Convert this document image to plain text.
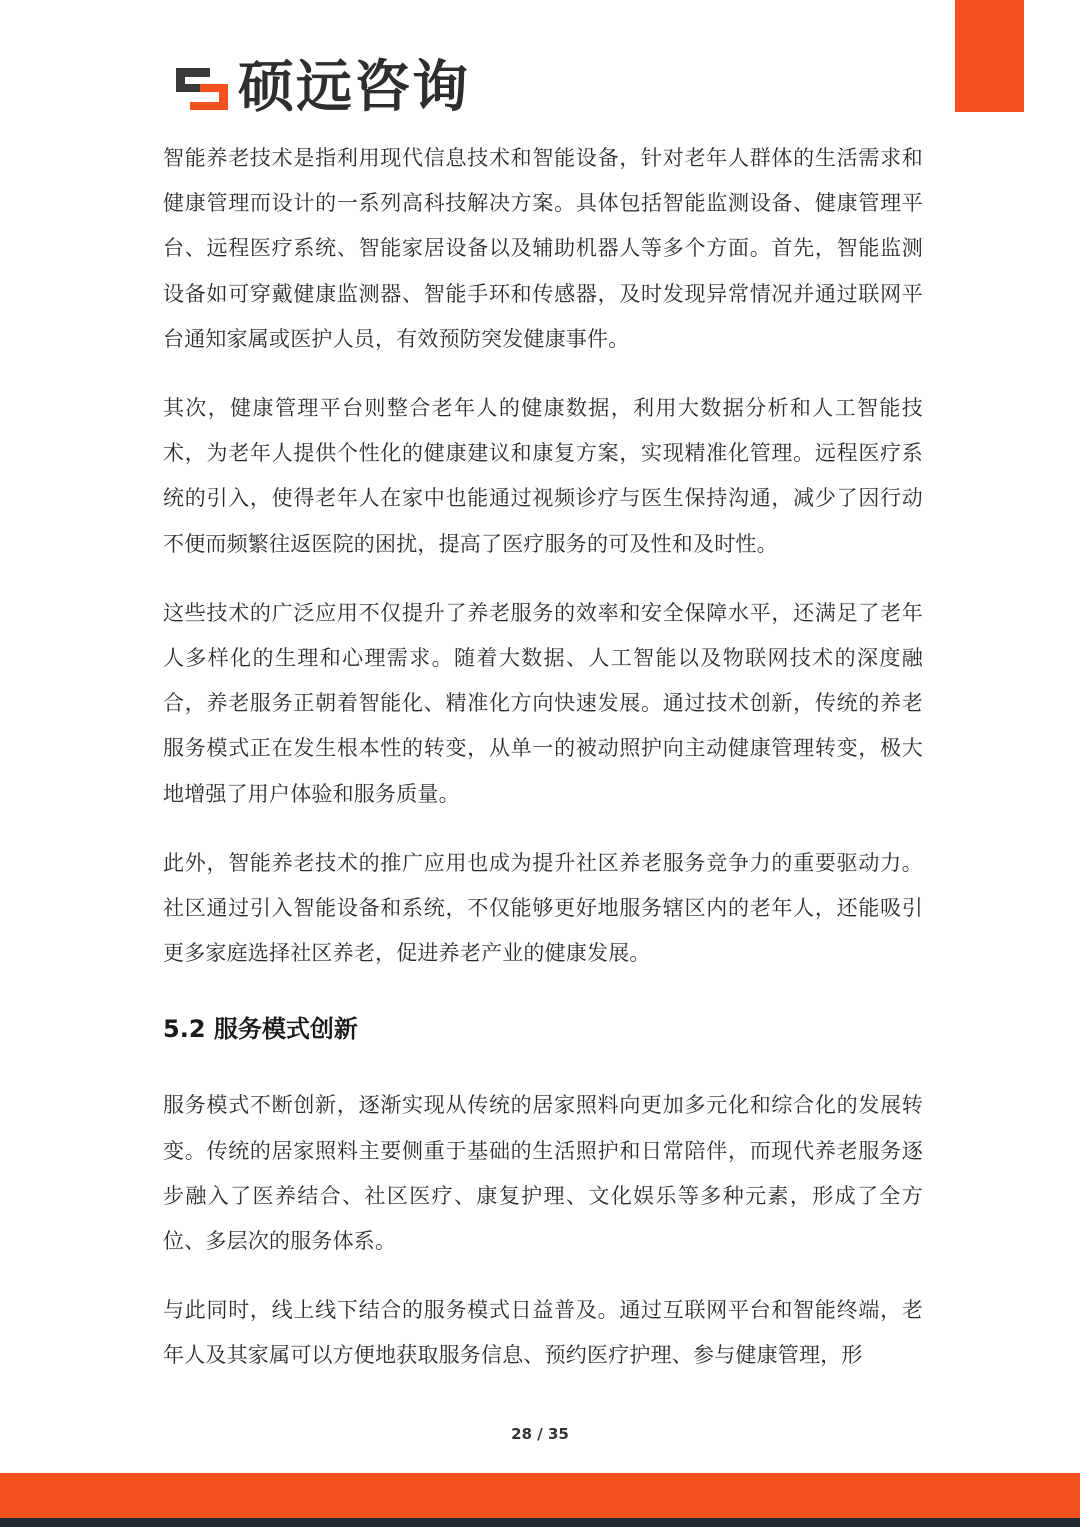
硕远咨询

智能养老技术是指利用现代信息技术和智能设备，针对老年人群体的生活需求和健康管理而设计的一系列高科技解决方案。具体包括智能监测设备、健康管理平台、远程医疗系统、智能家居设备以及辅助机器人等多个方面。首先，智能监测设备如可穿戴健康监测器、智能手环和传感器，及时发现异常情况并通过联网平台通知家属或医护人员，有效预防突发健康事件。

其次，健康管理平台则整合老年人的健康数据，利用大数据分析和人工智能技术，为老年人提供个性化的健康建议和康复方案，实现精准化管理。远程医疗系统的引入，使得老年人在家中也能通过视频诊疗与医生保持沟通，减少了因行动不便而频繁往返医院的困扰，提高了医疗服务的可及性和及时性。

这些技术的广泛应用不仅提升了养老服务的效率和安全保障水平，还满足了老年人多样化的生理和心理需求。随着大数据、人工智能以及物联网技术的深度融合，养老服务正朝着智能化、精准化方向快速发展。通过技术创新，传统的养老服务模式正在发生根本性的转变，从单一的被动照护向主动健康管理转变，极大地增强了用户体验和服务质量。

此外，智能养老技术的推广应用也成为提升社区养老服务竞争力的重要驱动力。社区通过引入智能设备和系统，不仅能够更好地服务辖区内的老年人，还能吸引更多家庭选择社区养老，促进养老产业的健康发展。

5.2 服务模式创新

服务模式不断创新，逐渐实现从传统的居家照料向更加多元化和综合化的发展转变。传统的居家照料主要侧重于基础的生活照护和日常陪伴，而现代养老服务逐步融入了医养结合、社区医疗、康复护理、文化娱乐等多种元素，形成了全方位、多层次的服务体系。

与此同时，线上线下结合的服务模式日益普及。通过互联网平台和智能终端，老年人及其家属可以方便地获取服务信息、预约医疗护理、参与健康管理，形

28 / 35
